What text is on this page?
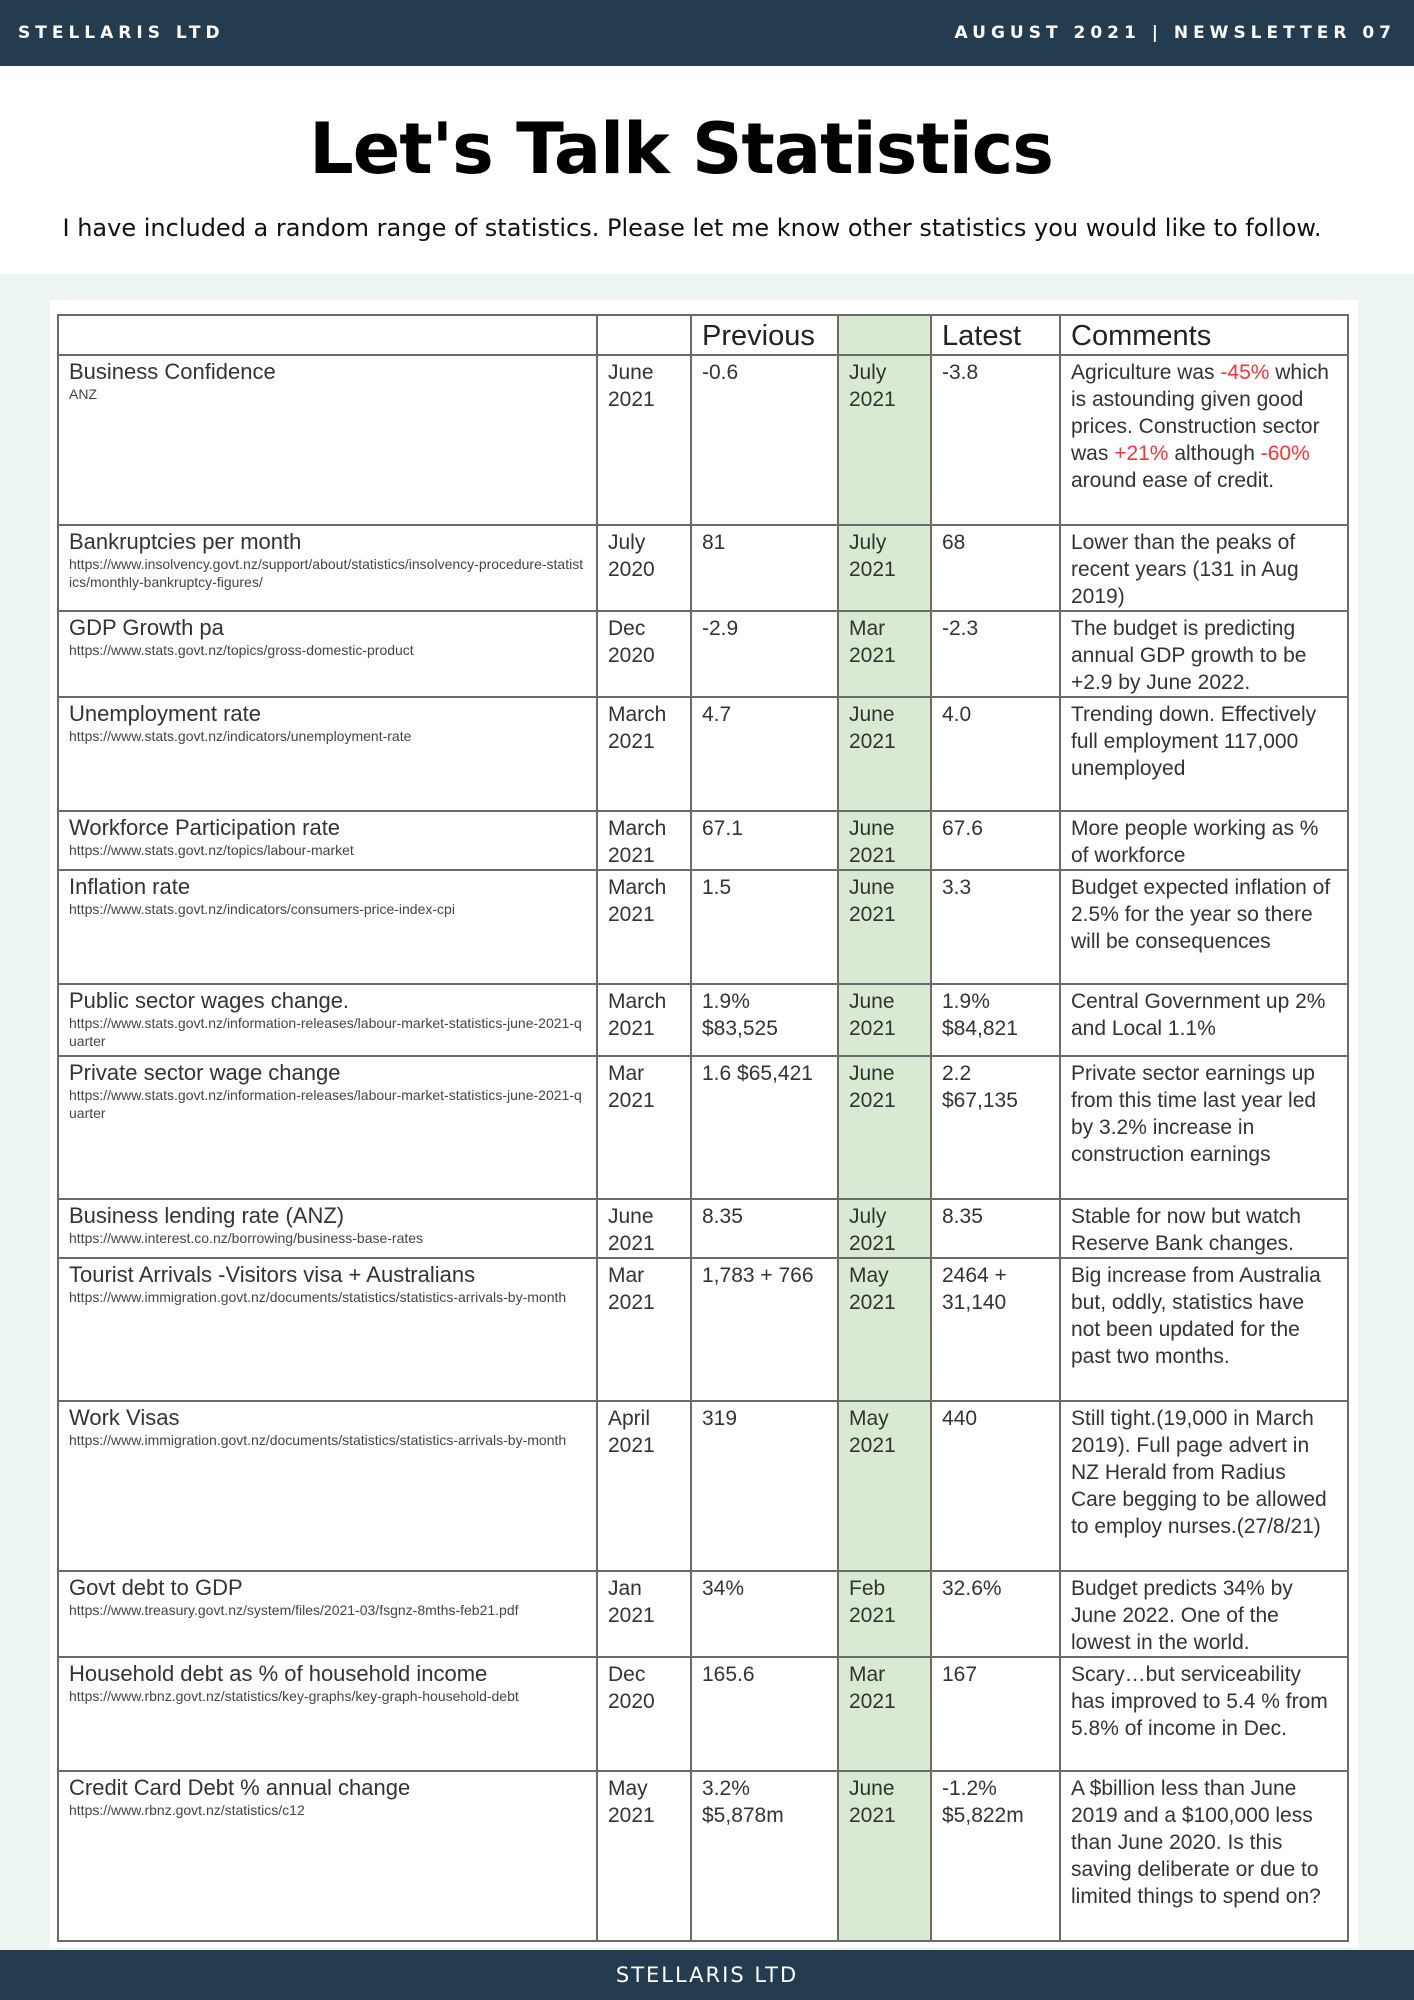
STELLARIS LTD	AUGUST 2021 | NEWSLETTER 07
Let's Talk Statistics
I have included a random range of statistics. Please let me know other statistics you would like to follow.
		Previous		Latest	Comments

Business Confidence
ANZ	June 2021	-0.6	July 2021	-3.8	Agriculture was -45% which is astounding given good prices. Construction sector was +21% although -60% around ease of credit.

Bankruptcies per month
https://www.insolvency.govt.nz/support/about/statistics/insolvency-procedure-statistics/monthly-bankruptcy-figures/	July 2020	81	July 2021	68	Lower than the peaks of recent years (131 in Aug 2019)

GDP Growth pa
https://www.stats.govt.nz/topics/gross-domestic-product	Dec 2020	-2.9	Mar 2021	-2.3	The budget is predicting annual GDP growth to be +2.9 by June 2022.

Unemployment rate
https://www.stats.govt.nz/indicators/unemployment-rate	March 2021	4.7	June 2021	4.0	Trending down. Effectively full employment 117,000 unemployed

Workforce Participation rate
https://www.stats.govt.nz/topics/labour-market	March 2021	67.1	June 2021	67.6	More people working as % of workforce

Inflation rate
https://www.stats.govt.nz/indicators/consumers-price-index-cpi	March 2021	1.5	June 2021	3.3	Budget expected inflation of 2.5% for the year so there will be consequences

Public sector wages change.
https://www.stats.govt.nz/information-releases/labour-market-statistics-june-2021-quarter	March 2021	1.9% $83,525	June 2021	1.9% $84,821	Central Government up 2% and Local 1.1%

Private sector wage change
https://www.stats.govt.nz/information-releases/labour-market-statistics-june-2021-quarter	Mar 2021	1.6 $65,421	June 2021	2.2 $67,135	Private sector earnings up from this time last year led by 3.2% increase in construction earnings

Business lending rate (ANZ)
https://www.interest.co.nz/borrowing/business-base-rates	June 2021	8.35	July 2021	8.35	Stable for now but watch Reserve Bank changes.

Tourist Arrivals -Visitors visa + Australians
https://www.immigration.govt.nz/documents/statistics/statistics-arrivals-by-month	Mar 2021	1,783 + 766	May 2021	2464 + 31,140	Big increase from Australia but, oddly, statistics have not been updated for the past two months.

Work Visas
https://www.immigration.govt.nz/documents/statistics/statistics-arrivals-by-month	April 2021	319	May 2021	440	Still tight.(19,000 in March 2019). Full page advert in NZ Herald from Radius Care begging to be allowed to employ nurses.(27/8/21)

Govt debt to GDP
https://www.treasury.govt.nz/system/files/2021-03/fsgnz-8mths-feb21.pdf	Jan 2021	34%	Feb 2021	32.6%	Budget predicts 34% by June 2022. One of the lowest in the world.

Household debt as % of household income
https://www.rbnz.govt.nz/statistics/key-graphs/key-graph-household-debt	Dec 2020	165.6	Mar 2021	167	Scary…but serviceability has improved to 5.4 % from 5.8% of income in Dec.

Credit Card Debt % annual change
https://www.rbnz.govt.nz/statistics/c12	May 2021	3.2% $5,878m	June 2021	-1.2% $5,822m	A $billion less than June 2019 and a $100,000 less than June 2020. Is this saving deliberate or due to limited things to spend on?
STELLARIS LTD
